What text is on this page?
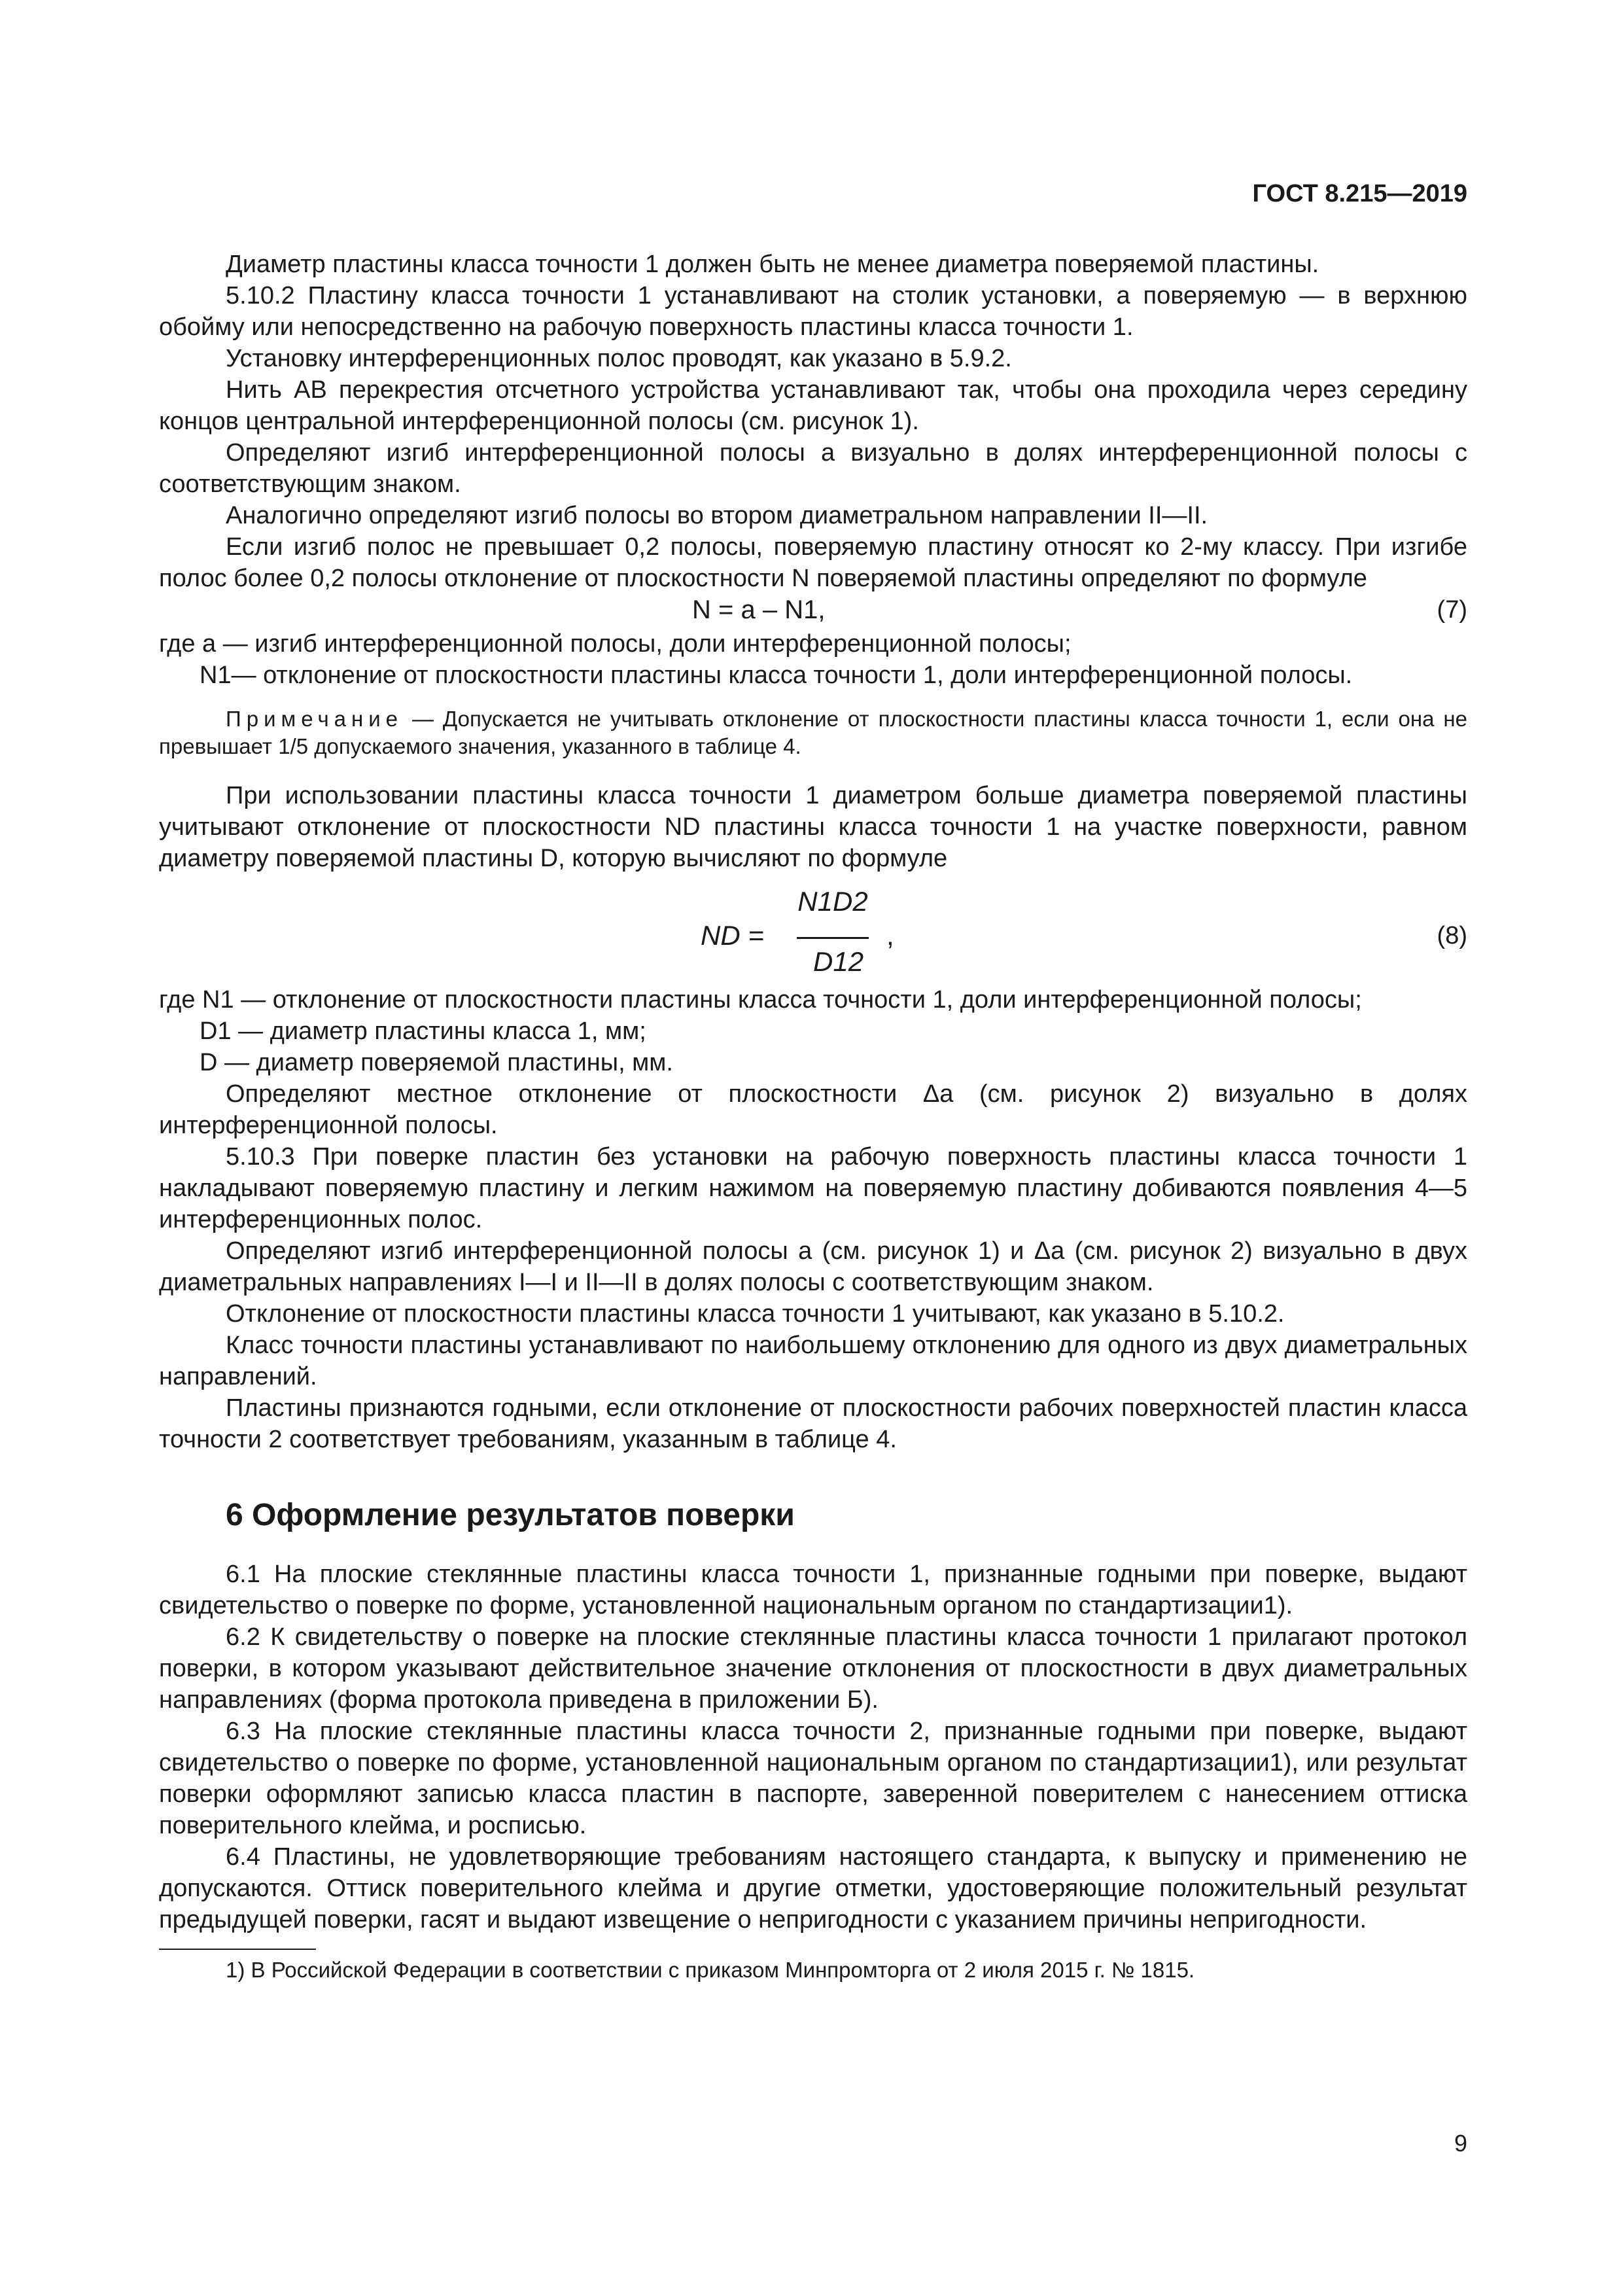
ГОСТ 8.215—2019

Диаметр пластины класса точности 1 должен быть не менее диаметра поверяемой пластины.

5.10.2 Пластину класса точности 1 устанавливают на столик установки, а поверяемую — в верхнюю обойму или непосредственно на рабочую поверхность пластины класса точности 1.

Установку интерференционных полос проводят, как указано в 5.9.2.

Нить AB перекрестия отсчетного устройства устанавливают так, чтобы она проходила через середину концов центральной интерференционной полосы (см. рисунок 1).

Определяют изгиб интерференционной полосы a визуально в долях интерференционной полосы с соответствующим знаком.

Аналогично определяют изгиб полосы во втором диаметральном направлении II—II.

Если изгиб полос не превышает 0,2 полосы, поверяемую пластину относят ко 2-му классу. При изгибе полос более 0,2 полосы отклонение от плоскостности N поверяемой пластины определяют по формуле

N = a – N1,	(7)

где a — изгиб интерференционной полосы, доли интерференционной полосы;

N1— отклонение от плоскостности пластины класса точности 1, доли интерференционной полосы.

Примечание — Допускается не учитывать отклонение от плоскостности пластины класса точности 1, если она не превышает 1/5 допускаемого значения, указанного в таблице 4.

При использовании пластины класса точности 1 диаметром больше диаметра поверяемой пластины учитывают отклонение от плоскостности ND пластины класса точности 1 на участке поверхности, равном диаметру поверяемой пластины D, которую вычисляют по формуле

ND =
N1D2
D12
,	(8)

где N1 — отклонение от плоскостности пластины класса точности 1, доли интерференционной полосы;

D1 — диаметр пластины класса 1, мм;

D — диаметр поверяемой пластины, мм.

Определяют местное отклонение от плоскостности Δa (см. рисунок 2) визуально в долях интерференционной полосы.

5.10.3 При поверке пластин без установки на рабочую поверхность пластины класса точности 1 накладывают поверяемую пластину и легким нажимом на поверяемую пластину добиваются появления 4—5 интерференционных полос.

Определяют изгиб интерференционной полосы a (см. рисунок 1) и Δa (см. рисунок 2) визуально в двух диаметральных направлениях I—I и II—II в долях полосы с соответствующим знаком.

Отклонение от плоскостности пластины класса точности 1 учитывают, как указано в 5.10.2.

Класс точности пластины устанавливают по наибольшему отклонению для одного из двух диаметральных направлений.

Пластины признаются годными, если отклонение от плоскостности рабочих поверхностей пластин класса точности 2 соответствует требованиям, указанным в таблице 4.

6 Оформление результатов поверки

6.1 На плоские стеклянные пластины класса точности 1, признанные годными при поверке, выдают свидетельство о поверке по форме, установленной национальным органом по стандартизации1).

6.2 К свидетельству о поверке на плоские стеклянные пластины класса точности 1 прилагают протокол поверки, в котором указывают действительное значение отклонения от плоскостности в двух диаметральных направлениях (форма протокола приведена в приложении Б).

6.3 На плоские стеклянные пластины класса точности 2, признанные годными при поверке, выдают свидетельство о поверке по форме, установленной национальным органом по стандартизации1), или результат поверки оформляют записью класса пластин в паспорте, заверенной поверителем с нанесением оттиска поверительного клейма, и росписью.

6.4 Пластины, не удовлетворяющие требованиям настоящего стандарта, к выпуску и применению не допускаются. Оттиск поверительного клейма и другие отметки, удостоверяющие положительный результат предыдущей поверки, гасят и выдают извещение о непригодности с указанием причины непригодности.

1) В Российской Федерации в соответствии с приказом Минпромторга от 2 июля 2015 г. № 1815.

9
